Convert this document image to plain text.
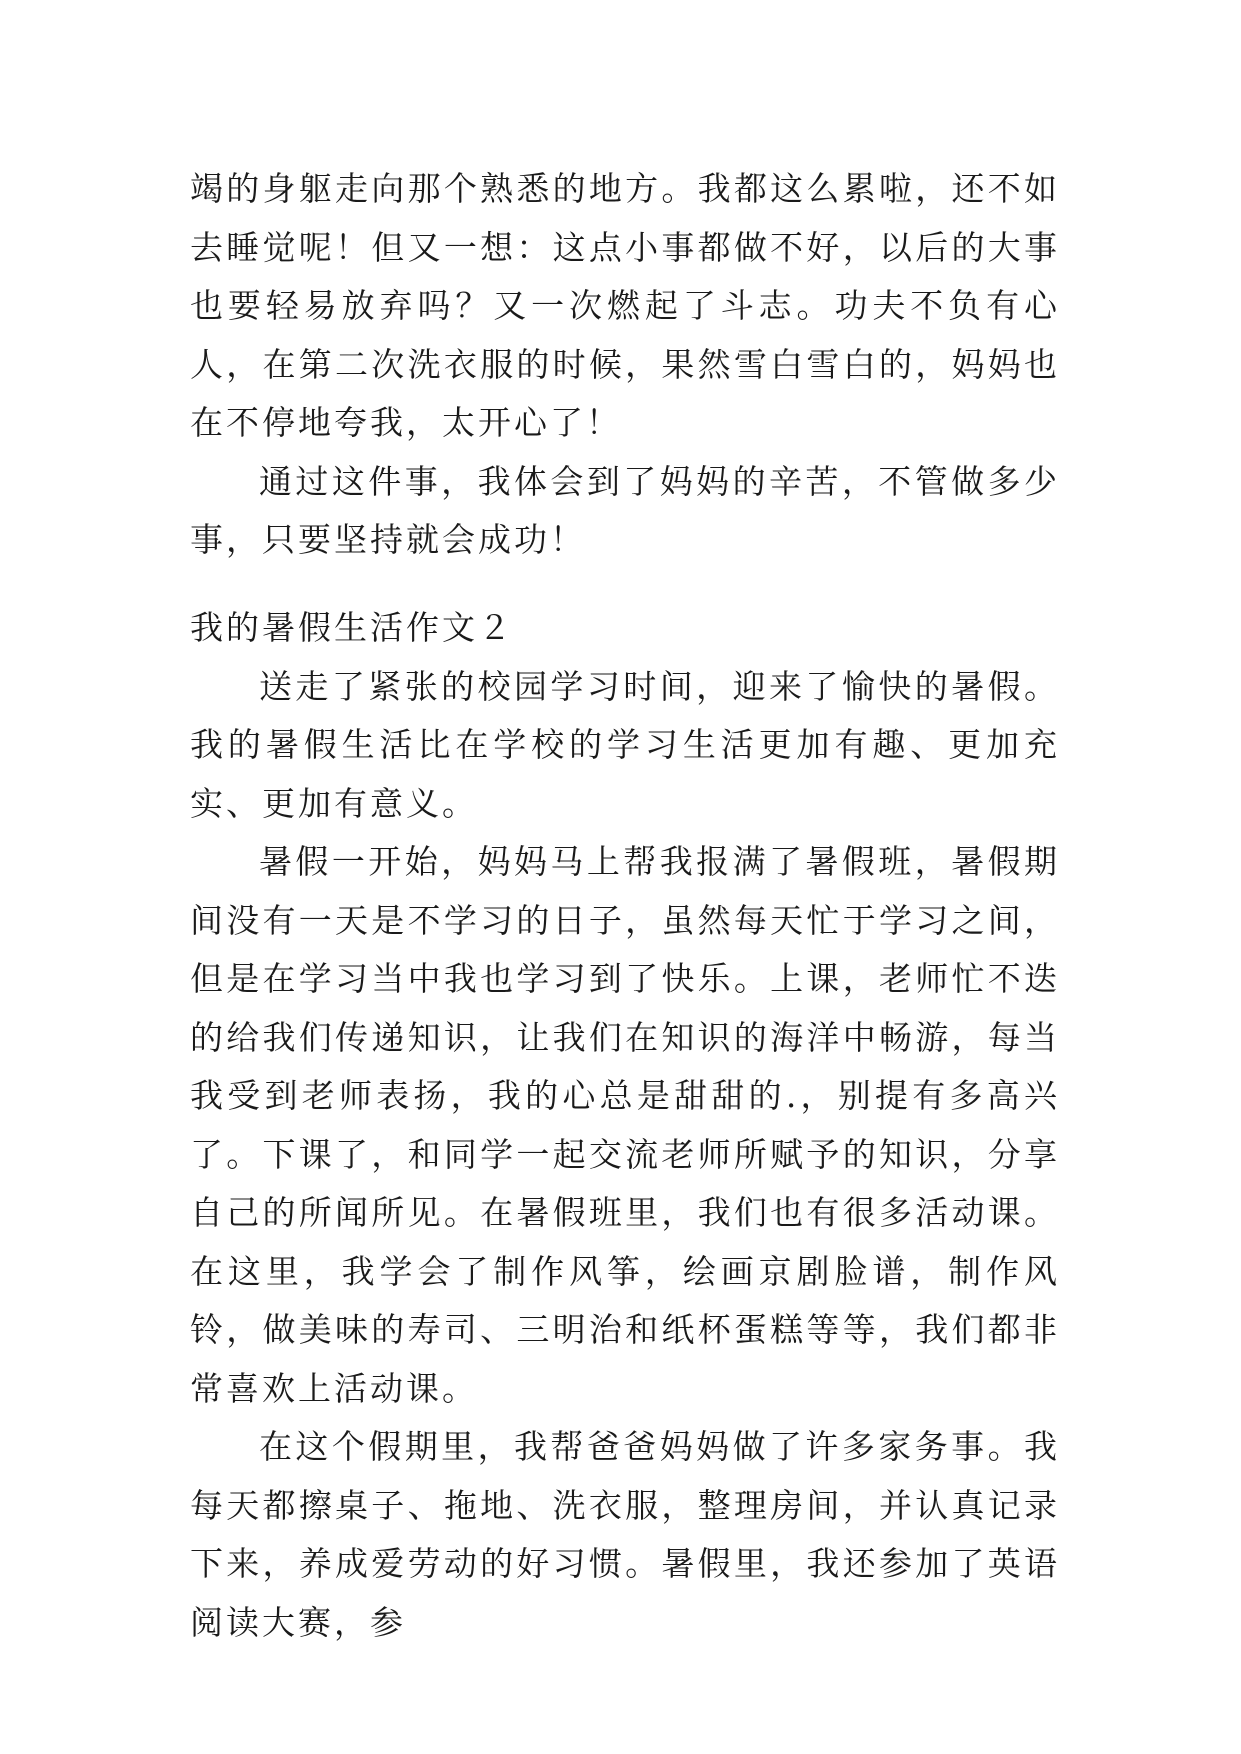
竭的身躯走向那个熟悉的地方。我都这么累啦，还不如去睡觉呢！但又一想：这点小事都做不好，以后的大事也要轻易放弃吗？又一次燃起了斗志。功夫不负有心人，在第二次洗衣服的时候，果然雪白雪白的，妈妈也在不停地夸我，太开心了！

通过这件事，我体会到了妈妈的辛苦，不管做多少事，只要坚持就会成功！

我的暑假生活作文２

送走了紧张的校园学习时间，迎来了愉快的暑假。我的暑假生活比在学校的学习生活更加有趣、更加充实、更加有意义。

暑假一开始，妈妈马上帮我报满了暑假班，暑假期间没有一天是不学习的日子，虽然每天忙于学习之间，但是在学习当中我也学习到了快乐。上课，老师忙不迭的给我们传递知识，让我们在知识的海洋中畅游，每当我受到老师表扬，我的心总是甜甜的.，别提有多高兴了。下课了，和同学一起交流老师所赋予的知识，分享自己的所闻所见。在暑假班里，我们也有很多活动课。在这里，我学会了制作风筝，绘画京剧脸谱，制作风铃，做美味的寿司、三明治和纸杯蛋糕等等，我们都非常喜欢上活动课。

在这个假期里，我帮爸爸妈妈做了许多家务事。我每天都擦桌子、拖地、洗衣服，整理房间，并认真记录下来，养成爱劳动的好习惯。暑假里，我还参加了英语阅读大赛，参
